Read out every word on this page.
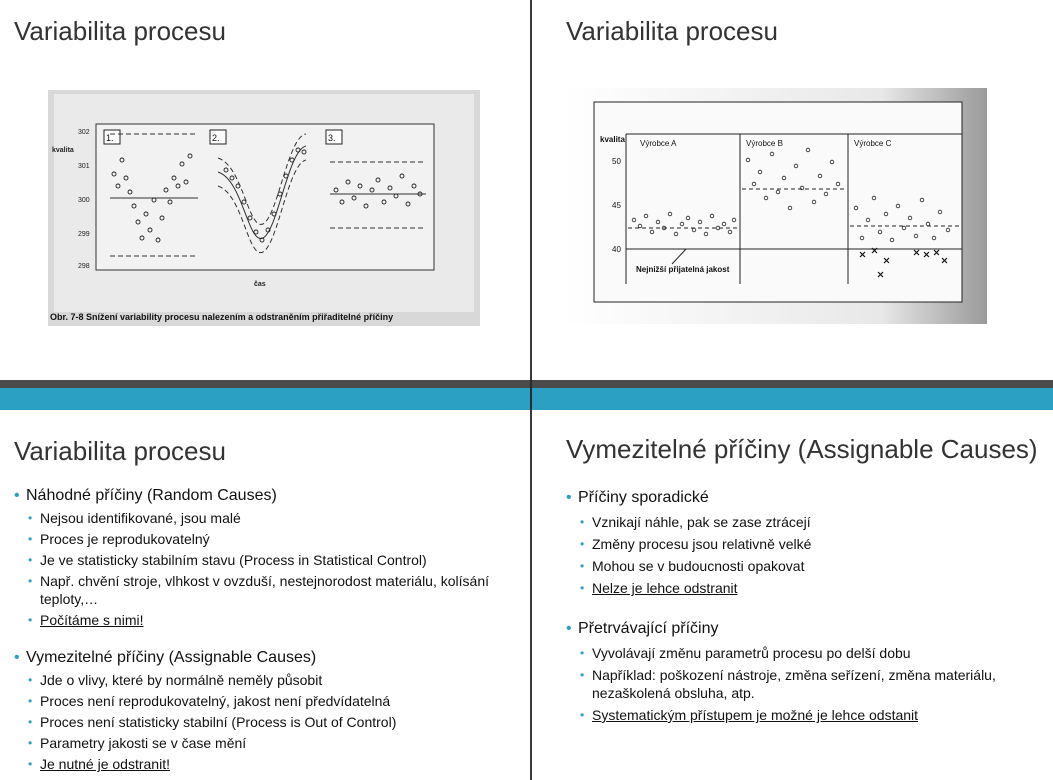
Variabilita procesu
302
301
300
299
298
kvalita
čas
1.	2.	3.
Obr. 7-8 Snížení variability procesu nalezením a odstraněním přiřaditelné příčiny
Variabilita procesu
kvalita
50
45
40
Výrobce A	Výrobce B	Výrobce C
Nejnižší přijatelná jakost
Variabilita procesu
• Náhodné příčiny (Random Causes)
• Nejsou identifikované, jsou malé
• Proces je reprodukovatelný
• Je ve statisticky stabilním stavu (Process in Statistical Control)
• Např. chvění stroje, vlhkost v ovzduší, nestejnorodost materiálu, kolísání teploty,…
• Počítáme s nimi!
• Vymezitelné příčiny (Assignable Causes)
• Jde o vlivy, které by normálně neměly působit
• Proces není reprodukovatelný, jakost není předvídatelná
• Proces není statisticky stabilní (Process is Out of Control)
• Parametry jakosti se v čase mění
• Je nutné je odstranit!
Vymezitelné příčiny (Assignable Causes)
• Příčiny sporadické
• Vznikají náhle, pak se zase ztrácejí
• Změny procesu jsou relativně velké
• Mohou se v budoucnosti opakovat
• Nelze je lehce odstranit
• Přetrvávající příčiny
• Vyvolávají změnu parametrů procesu po delší dobu
• Například: poškození nástroje, změna seřízení, změna materiálu, nezaškolená obsluha, atp.
• Systematickým přístupem je možné je lehce odstanit
